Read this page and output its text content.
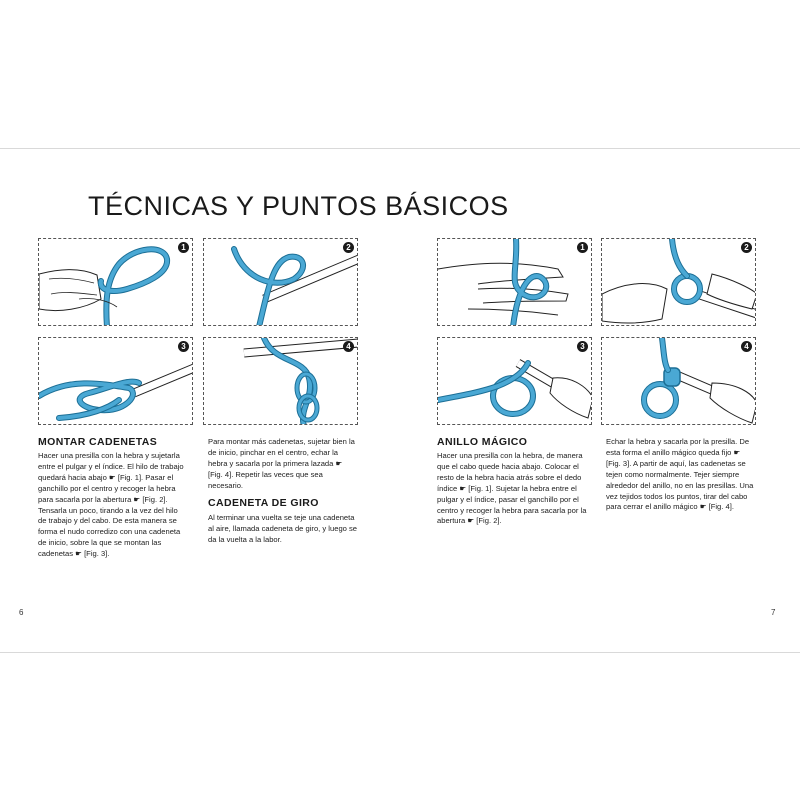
TÉCNICAS Y PUNTOS BÁSICOS
1	2
3	4
1	2
3	4
MONTAR CADENETAS

Hacer una presilla con la hebra y sujetarla entre el pulgar y el índice. El hilo de trabajo quedará hacia abajo ☛ [Fig. 1]. Pasar el ganchillo por el centro y recoger la hebra para sacarla por la abertura ☛ [Fig. 2]. Tensarla un poco, tirando a la vez del hilo de trabajo y del cabo. De esta manera se forma el nudo corredizo con una cadeneta de inicio, sobre la que se montan las cadenetas ☛ [Fig. 3].

Para montar más cadenetas, sujetar bien la de inicio, pinchar en el centro, echar la hebra y sacarla por la primera lazada ☛ [Fig. 4]. Repetir las veces que sea necesario.

CADENETA DE GIRO

Al terminar una vuelta se teje una cadeneta al aire, llamada cadeneta de giro, y luego se da la vuelta a la labor.

ANILLO MÁGICO

Hacer una presilla con la hebra, de manera que el cabo quede hacia abajo. Colocar el resto de la hebra hacia atrás sobre el dedo índice ☛ [Fig. 1]. Sujetar la hebra entre el pulgar y el índice, pasar el ganchillo por el centro y recoger la hebra para sacarla por la abertura ☛ [Fig. 2].

Echar la hebra y sacarla por la presilla. De esta forma el anillo mágico queda fijo ☛ [Fig. 3]. A partir de aquí, las cadenetas se tejen como normalmente. Tejer siempre alrededor del anillo, no en las presillas. Una vez tejidos todos los puntos, tirar del cabo para cerrar el anillo mágico ☛ [Fig. 4].

6	7
